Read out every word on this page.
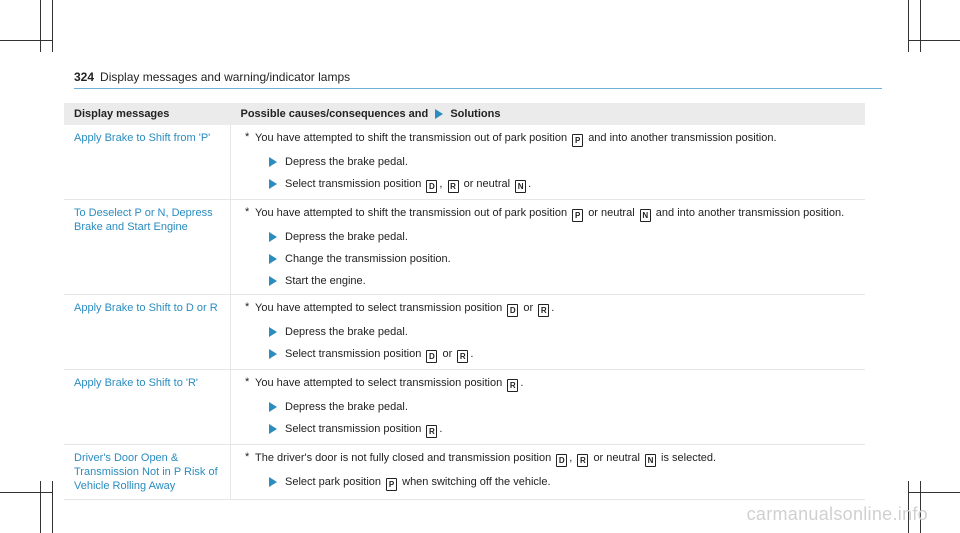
324 Display messages and warning/indicator lamps
Display messages	Possible causes/consequences and Solutions
Apply Brake to Shift from 'P'	* You have attempted to shift the transmission out of park position P and into another transmission position.
Depress the brake pedal.
Select transmission position D , R or neutral N .

To Deselect P or N, Depress Brake and Start Engine	* You have attempted to shift the transmission out of park position P or neutral N and into another transmission position.
Depress the brake pedal.
Change the transmission position.
Start the engine.

Apply Brake to Shift to D or R	* You have attempted to select transmission position D or R .
Depress the brake pedal.
Select transmission position D or R .

Apply Brake to Shift to 'R'	* You have attempted to select transmission position R .
Depress the brake pedal.
Select transmission position R .

Driver's Door Open & Transmission Not in P Risk of Vehicle Rolling Away	* The driver's door is not fully closed and transmission position D , R or neutral N is selected.
Select park position P when switching off the vehicle.
carmanualsonline.info
